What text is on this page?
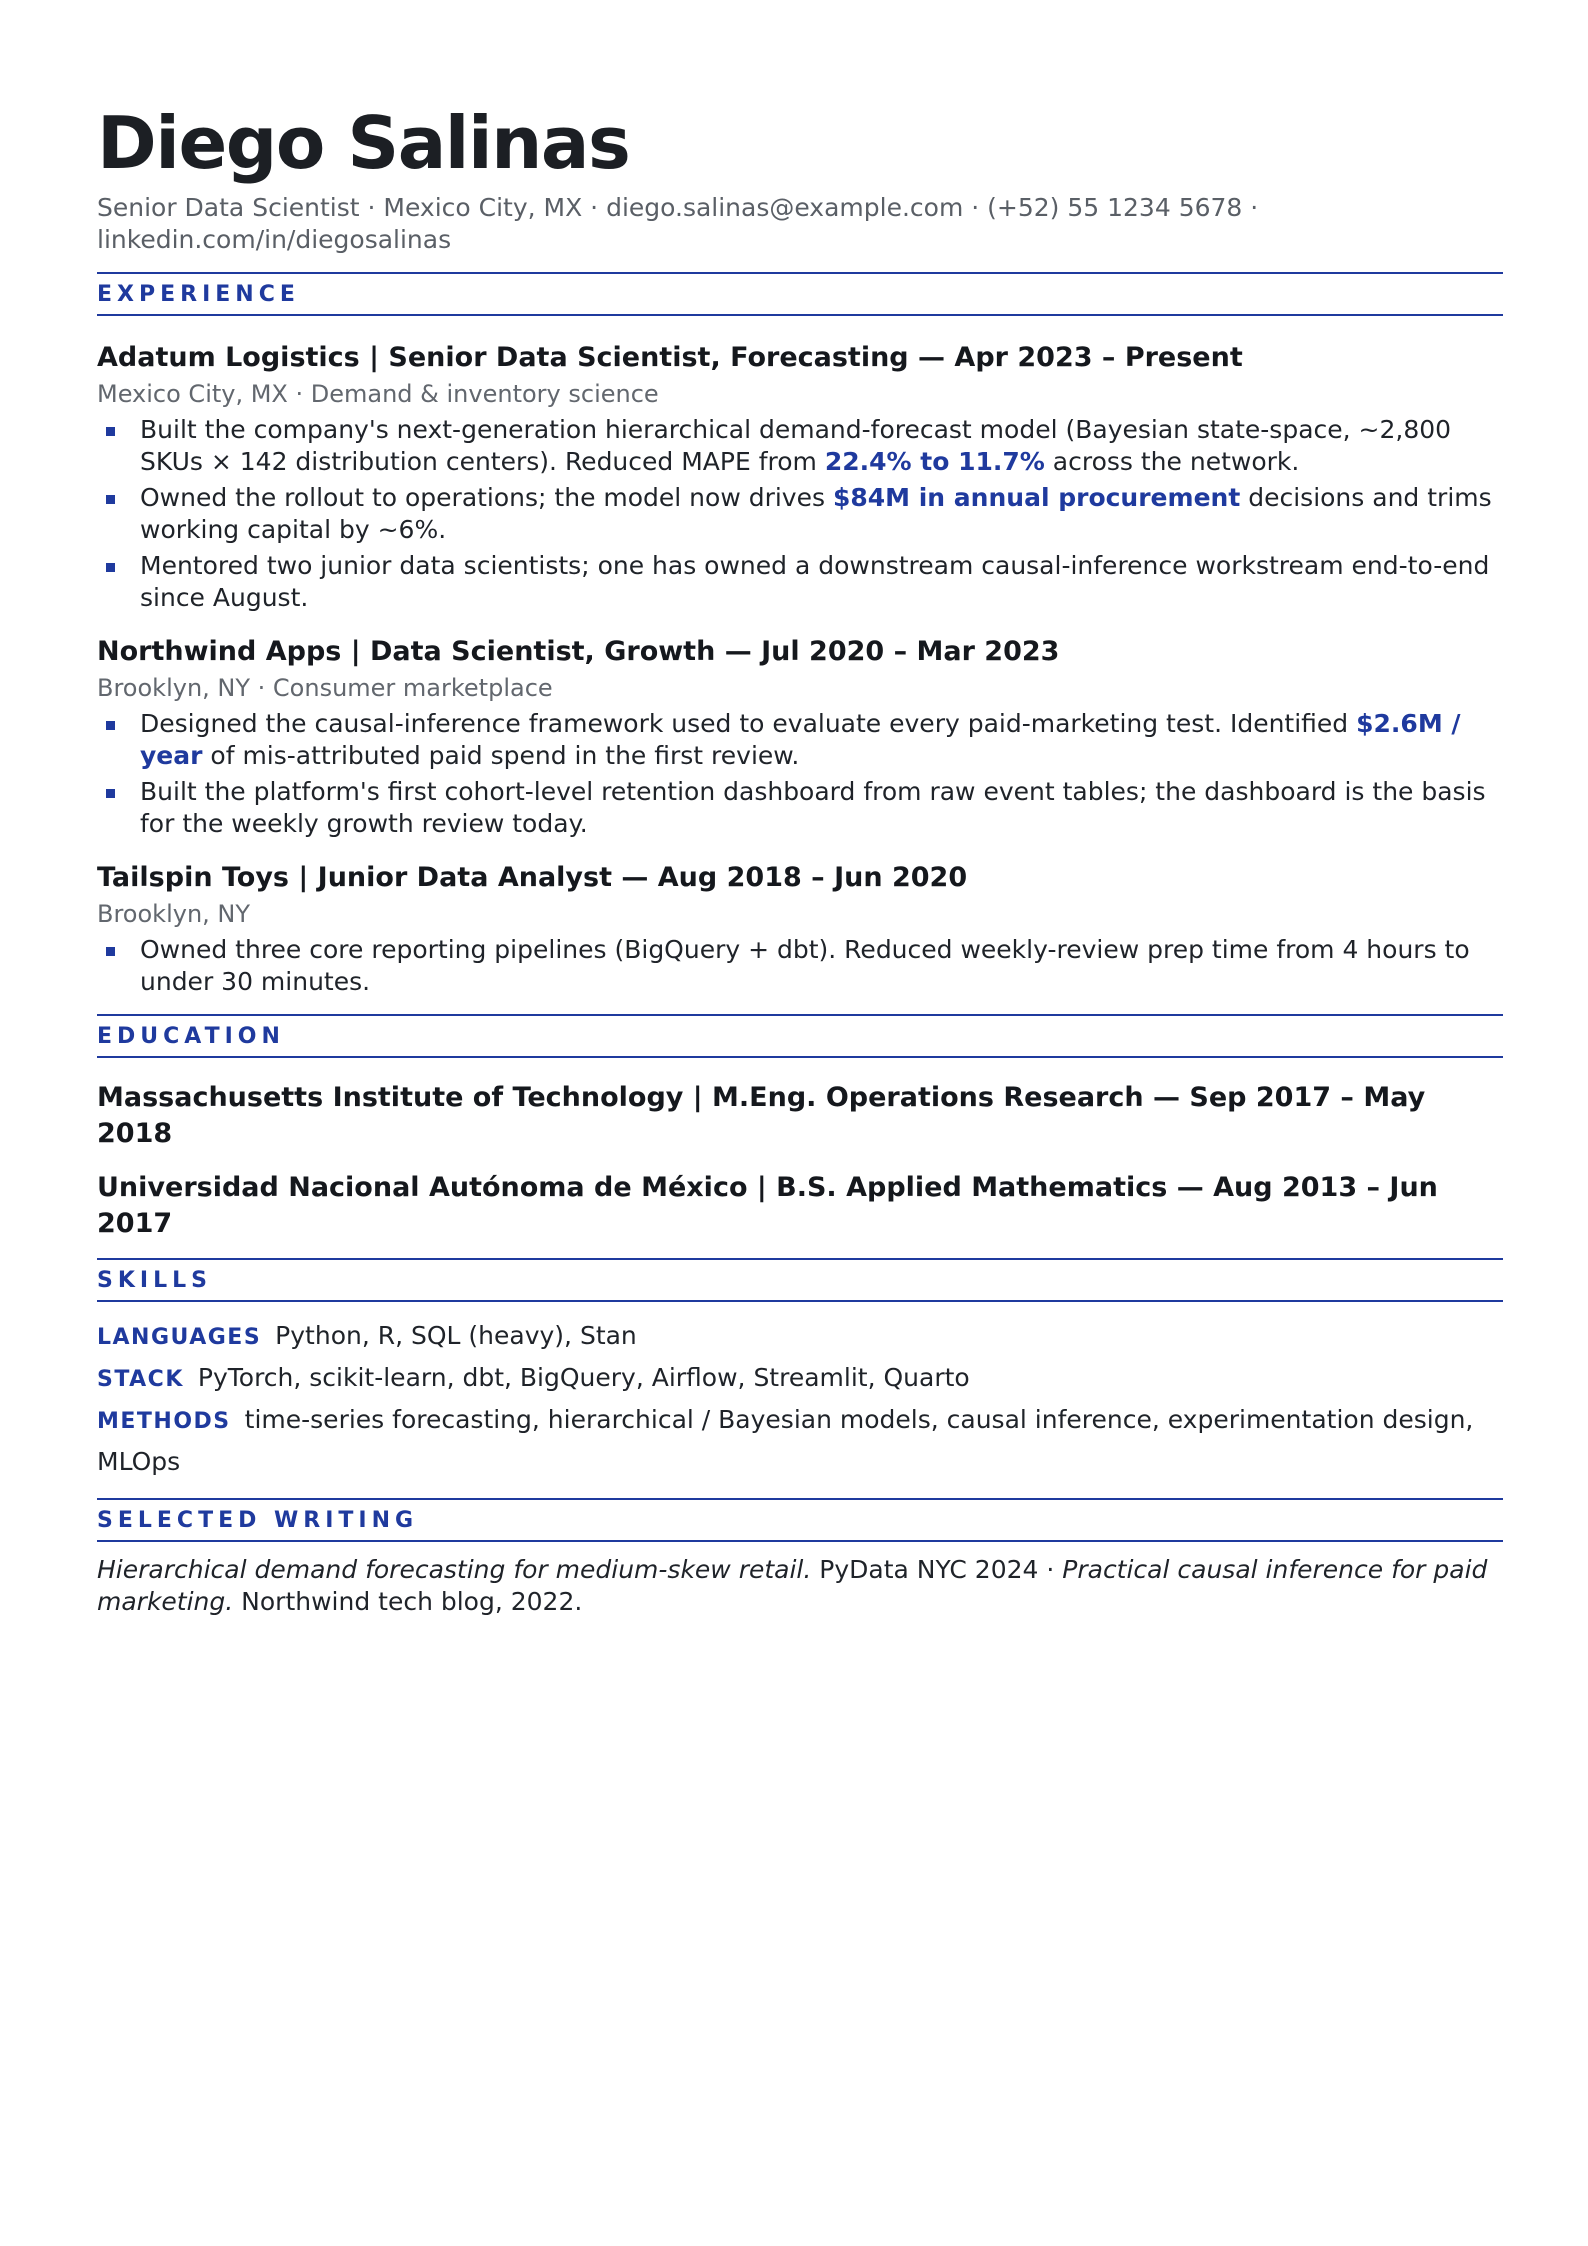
Diego Salinas
Senior Data Scientist · Mexico City, MX · diego.salinas@example.com · (+52) 55 1234 5678 ·
linkedin.com/in/diegosalinas
EXPERIENCE
Adatum Logistics | Senior Data Scientist, Forecasting — Apr 2023 – Present
Mexico City, MX · Demand & inventory science
Built the company's next-generation hierarchical demand-forecast model (Bayesian state-space, ~2,800 SKUs × 142 distribution centers). Reduced MAPE from 22.4% to 11.7% across the network.
Owned the rollout to operations; the model now drives $84M in annual procurement decisions and trims working capital by ~6%.
Mentored two junior data scientists; one has owned a downstream causal-inference workstream end-to-end since August.
Northwind Apps | Data Scientist, Growth — Jul 2020 – Mar 2023
Brooklyn, NY · Consumer marketplace
Designed the causal-inference framework used to evaluate every paid-marketing test. Identified $2.6M / year of mis-attributed paid spend in the first review.
Built the platform's first cohort-level retention dashboard from raw event tables; the dashboard is the basis for the weekly growth review today.
Tailspin Toys | Junior Data Analyst — Aug 2018 – Jun 2020
Brooklyn, NY
Owned three core reporting pipelines (BigQuery + dbt). Reduced weekly-review prep time from 4 hours to under 30 minutes.
EDUCATION
Massachusetts Institute of Technology | M.Eng. Operations Research — Sep 2017 – May 2018
Universidad Nacional Autónoma de México | B.S. Applied Mathematics — Aug 2013 – Jun 2017
SKILLS
LANGUAGES Python, R, SQL (heavy), Stan
STACK PyTorch, scikit-learn, dbt, BigQuery, Airflow, Streamlit, Quarto
METHODS time-series forecasting, hierarchical / Bayesian models, causal inference, experimentation design, MLOps
SELECTED WRITING
Hierarchical demand forecasting for medium-skew retail. PyData NYC 2024 · Practical causal inference for paid marketing. Northwind tech blog, 2022.
